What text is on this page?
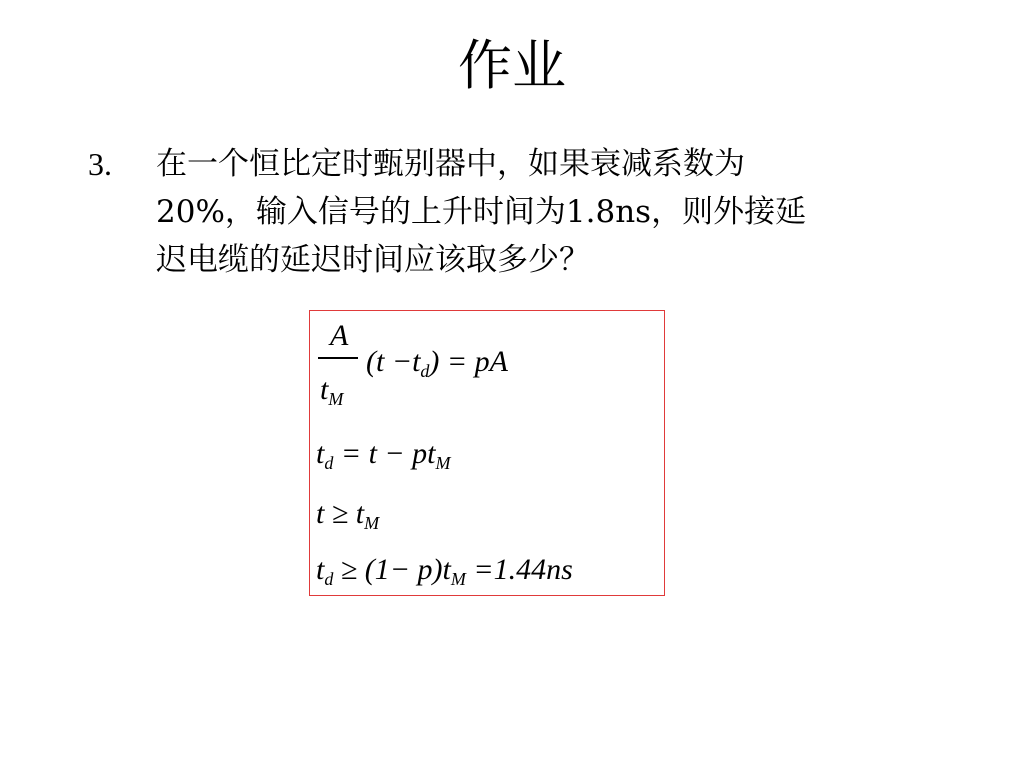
作业
3. 在一个恒比定时甄别器中，如果衰减系数为
20%，输入信号的上升时间为1.8ns，则外接延
迟电缆的延迟时间应该取多少？
A
$t_M$
$(t -t_d)$ = pA
$t_d = t - pt_M$
$t \ge t_M$
$t_d \ge (1- p)t_M =1.44ns$
